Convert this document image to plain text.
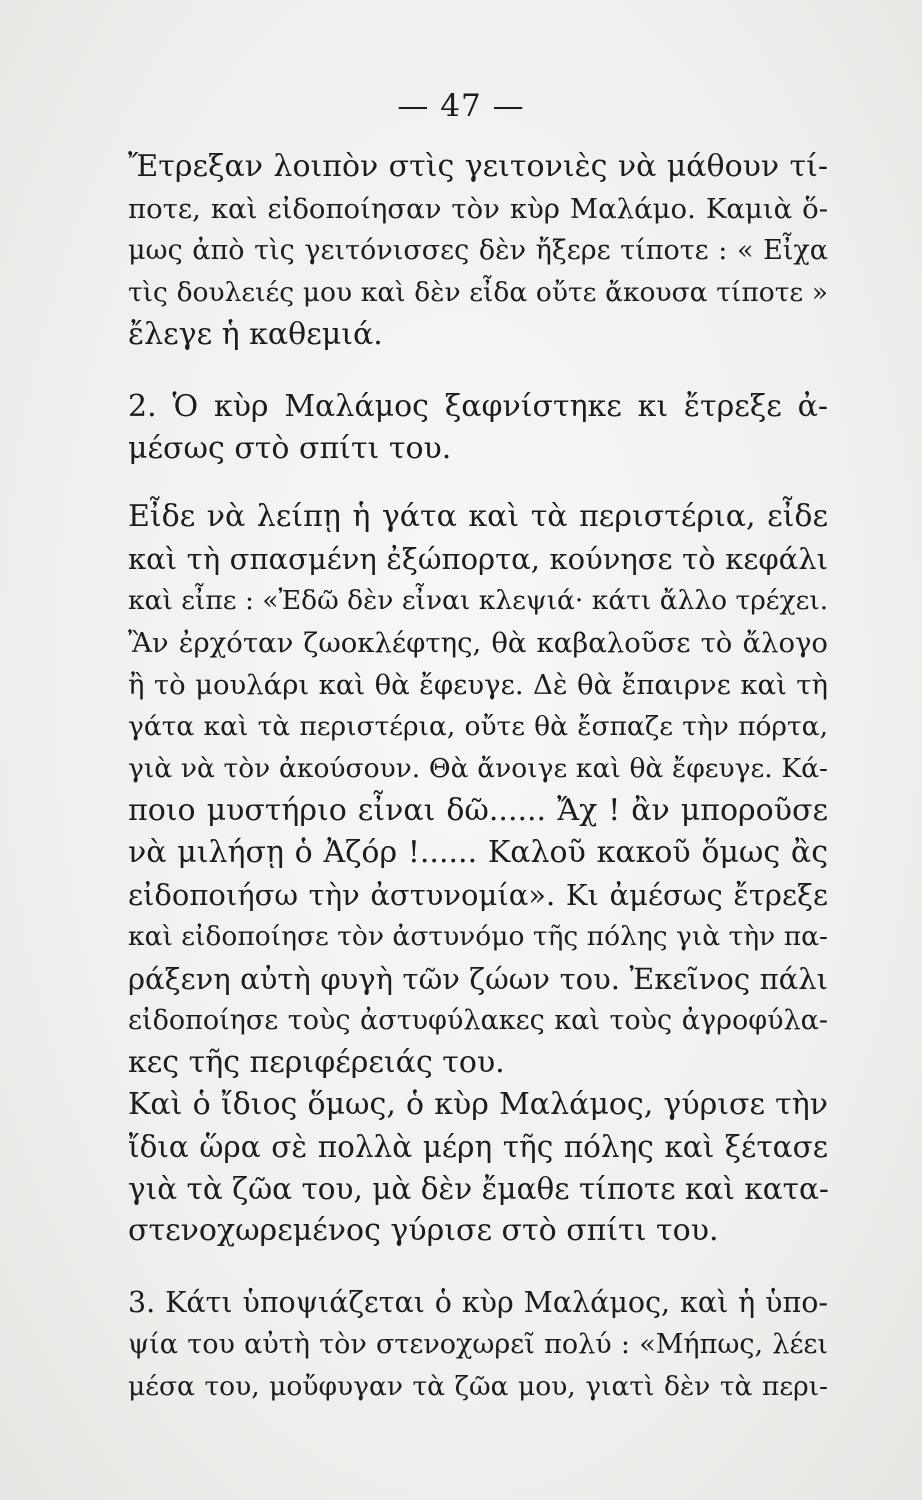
— 47 —
Ἔτρεξαν λοιπὸν στὶς γειτονιὲς νὰ μάθουν τί-
ποτε, καὶ εἰδοποίησαν τὸν κὺρ Μαλάμο. Καμιὰ ὅ-
μως ἀπὸ τὶς γειτόνισσες δὲν ἤξερε τίποτε : « Εἶχα
τὶς δουλειές μου καὶ δὲν εἶδα οὔτε ἄκουσα τίποτε »
ἔλεγε ἡ καθεμιά.
2. Ὁ κὺρ Μαλάμος ξαφνίστηκε κι ἔτρεξε ἀ-
μέσως στὸ σπίτι του.
Εἶδε νὰ λείπῃ ἡ γάτα καὶ τὰ περιστέρια, εἶδε
καὶ τὴ σπασμένη ἐξώπορτα, κούνησε τὸ κεφάλι
καὶ εἶπε : «Ἐδῶ δὲν εἶναι κλεψιά· κάτι ἄλλο τρέχει.
Ἂν ἐρχόταν ζωοκλέφτης, θὰ καβαλοῦσε τὸ ἄλογο
ἢ τὸ μουλάρι καὶ θὰ ἔφευγε. Δὲ θὰ ἔπαιρνε καὶ τὴ
γάτα καὶ τὰ περιστέρια, οὔτε θὰ ἔσπαζε τὴν πόρτα,
γιὰ νὰ τὸν ἀκούσουν. Θὰ ἄνοιγε καὶ θὰ ἔφευγε. Κά-
ποιο μυστήριο εἶναι δῶ...... Ἄχ ! ἂν μποροῦσε
νὰ μιλήσῃ ὁ Ἀζόρ !...... Καλοῦ κακοῦ ὅμως ἂς
εἰδοποιήσω τὴν ἀστυνομία». Κι ἀμέσως ἔτρεξε
καὶ εἰδοποίησε τὸν ἀστυνόμο τῆς πόλης γιὰ τὴν πα-
ράξενη αὐτὴ φυγὴ τῶν ζώων του. Ἐκεῖνος πάλι
εἰδοποίησε τοὺς ἀστυφύλακες καὶ τοὺς ἀγροφύλα-
κες τῆς περιφέρειάς του.
Καὶ ὁ ἴδιος ὅμως, ὁ κὺρ Μαλάμος, γύρισε τὴν
ἴδια ὥρα σὲ πολλὰ μέρη τῆς πόλης καὶ ξέτασε
γιὰ τὰ ζῶα του, μὰ δὲν ἔμαθε τίποτε καὶ κατα-
στενοχωρεμένος γύρισε στὸ σπίτι του.
3. Κάτι ὑποψιάζεται ὁ κὺρ Μαλάμος, καὶ ἡ ὑπο-
ψία του αὐτὴ τὸν στενοχωρεῖ πολύ : «Μήπως, λέει
μέσα του, μοὔφυγαν τὰ ζῶα μου, γιατὶ δὲν τὰ περι-
